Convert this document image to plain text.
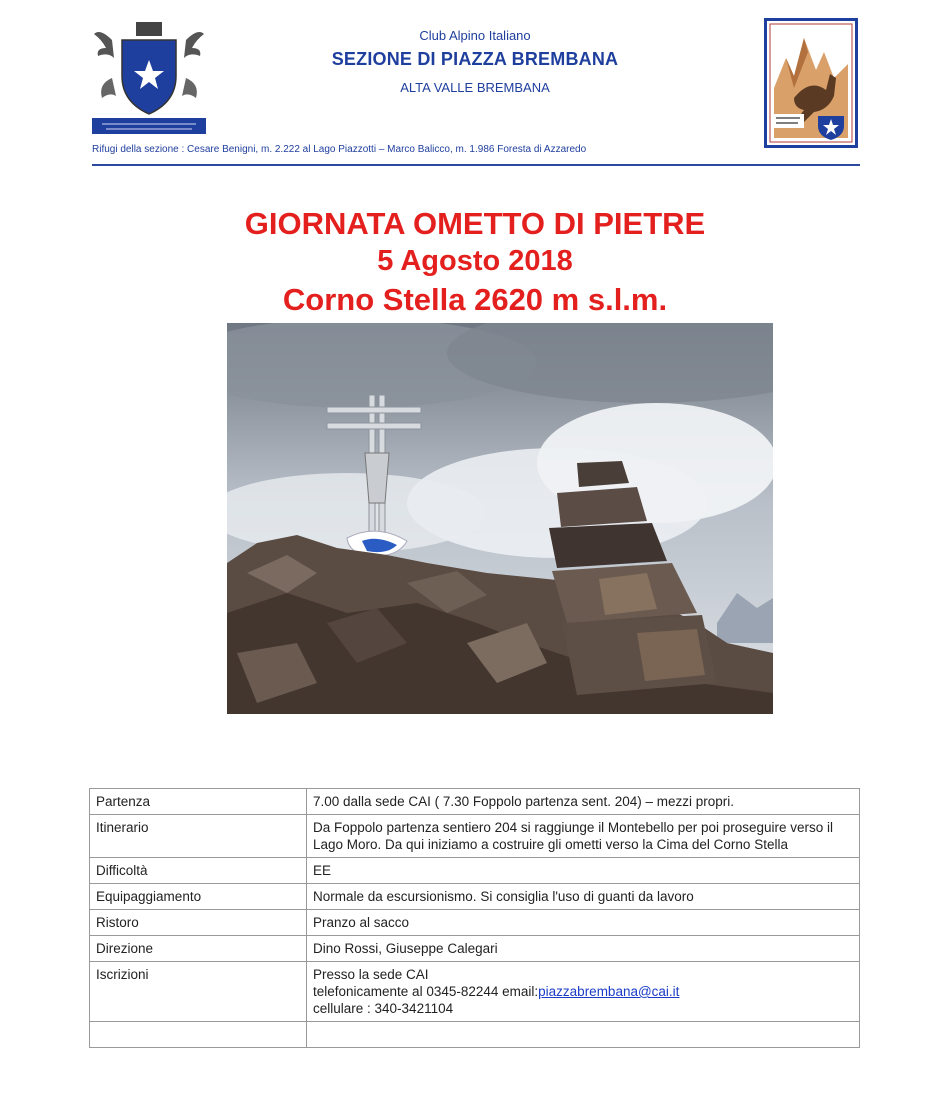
Club Alpino Italiano
SEZIONE DI PIAZZA BREMBANA
ALTA VALLE BREMBANA
Rifugi della sezione : Cesare Benigni, m. 2.222 al Lago Piazzotti – Marco Balicco, m. 1.986 Foresta di Azzaredo
GIORNATA OMETTO DI PIETRE
5 Agosto 2018
Corno Stella 2620 m s.l.m.
Partenza	7.00 dalla sede CAI ( 7.30 Foppolo partenza sent. 204) – mezzi propri.
Itinerario	Da Foppolo partenza sentiero 204 si raggiunge il Montebello per poi proseguire verso il Lago Moro. Da qui iniziamo a costruire gli ometti verso la Cima del Corno Stella
Difficoltà	EE
Equipaggiamento	Normale da escursionismo. Si consiglia l'uso di guanti da lavoro
Ristoro	Pranzo al sacco
Direzione	Dino Rossi, Giuseppe Calegari
Iscrizioni	Presso la sede CAI
telefonicamente al 0345-82244 email:piazzabrembana@cai.it
cellulare : 340-3421104
